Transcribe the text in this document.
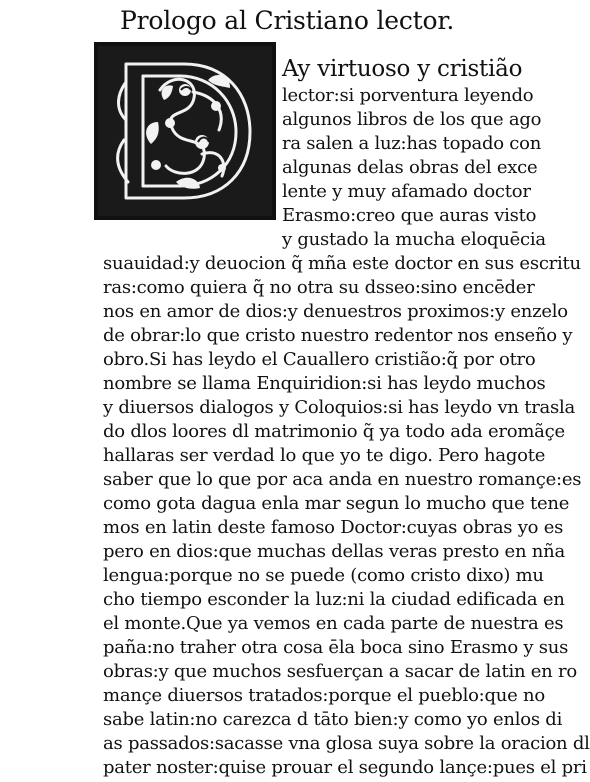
Prologo al Cristiano lector.
Ay virtuoso y cristião
lector:si porventura leyendo
algunos libros de los que ago
ra salen a luz:has topado con
algunas delas obras del exce
lente y muy afamado doctor
Erasmo:creo que auras visto
y gustado la mucha eloquēcia
suauidad:y deuocion q̃ mña este doctor en sus escritu
ras:como quiera q̃ no otra su dsseo:sino encēder
nos en amor de dios:y denuestros proximos:y enzelo
de obrar:lo que cristo nuestro redentor nos enseño y
obro.Si has leydo el Cauallero cristião:q̃ por otro
nombre se llama Enquiridion:si has leydo muchos
y diuersos dialogos y Coloquios:si has leydo vn trasla
do dlos loores dl matrimonio q̃ ya todo ada eromãçe
hallaras ser verdad lo que yo te digo. Pero hagote
saber que lo que por aca anda en nuestro romançe:es
como gota dagua enla mar segun lo mucho que tene
mos en latin deste famoso Doctor:cuyas obras yo es
pero en dios:que muchas dellas veras presto en nña
lengua:porque no se puede (como cristo dixo) mu
cho tiempo esconder la luz:ni la ciudad edificada en
el monte.Que ya vemos en cada parte de nuestra es
paña:no traher otra cosa ēla boca sino Erasmo y sus
obras:y que muchos sesfuerçan a sacar de latin en ro
mançe diuersos tratados:porque el pueblo:que no
sabe latin:no carezca d tāto bien:y como yo enlos di
as passados:sacasse vna glosa suya sobre la oracion dl
pater noster:quise prouar el segundo lançe:pues el pri
